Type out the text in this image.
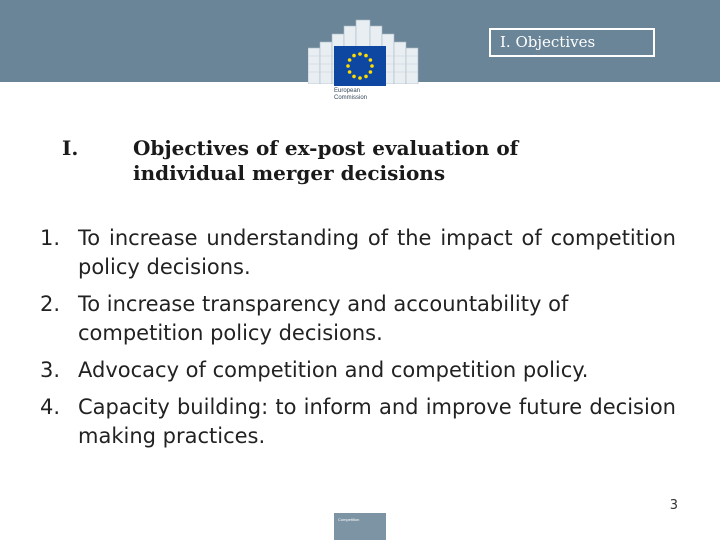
European Commission
I. Objectives
I.	Objectives of ex-post evaluation of individual merger decisions
1. To increase understanding of the impact of competition policy decisions.
2. To increase transparency and accountability of competition policy decisions.
3. Advocacy of competition and competition policy.
4. Capacity building: to inform and improve future decision making practices.
3
Competition
